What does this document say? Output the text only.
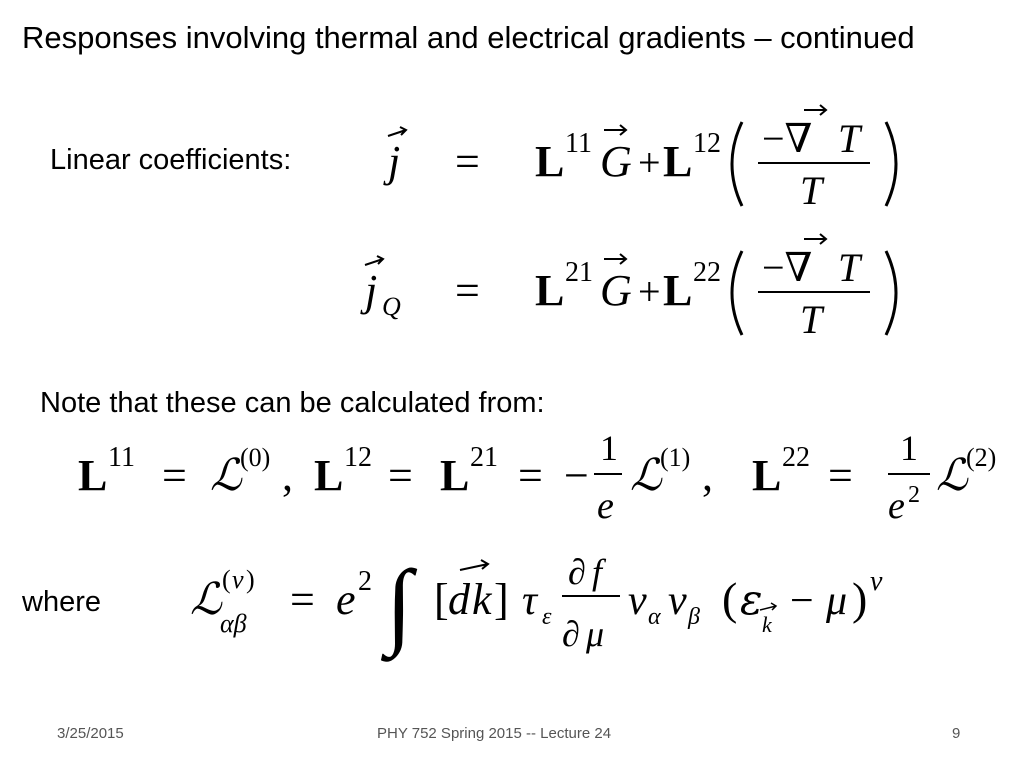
Responses involving thermal and electrical gradients – continued
Linear coefficients: j = L 11 G + L 12 −∇ T
T
j Q = L 21 G + L 22 −∇ T
T
Note that these can be calculated from:
L 11 = ℒ
(0) , L 12 = L 21 = −
1
e
ℒ
(1) , L 22 =
1
e 2 ℒ
(2)
where ℒ ( ν )
αβ = e 2 ∫ [ d k ] τ ε
∂ f
∂ μ
v α v β ( ε
k
− μ ) ν
3/25/2015	PHY 752 Spring 2015 -- Lecture 24	9
